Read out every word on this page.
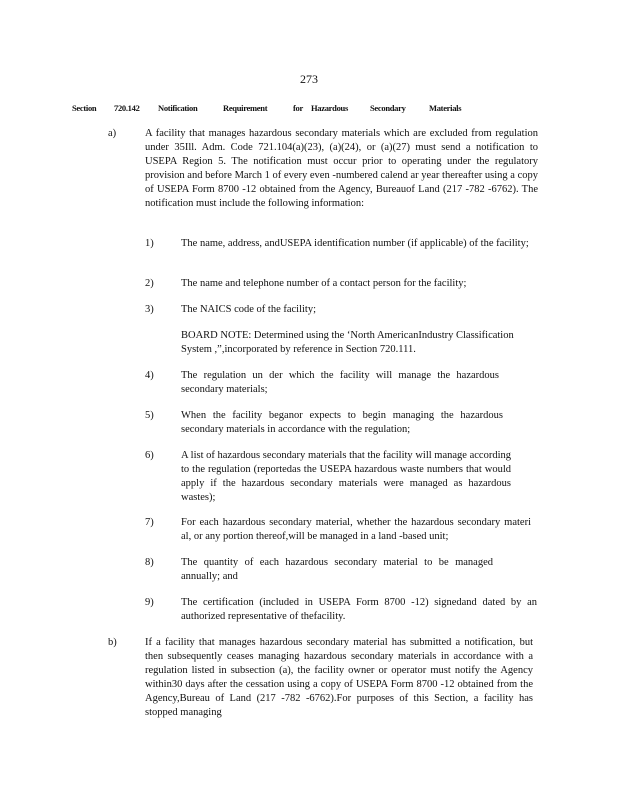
273
Section 720.142 Notification	Requirement	for Hazardous	Secondary	Materials
a)	A facility that manages hazardous secondary materials which are excluded from regulation under 35Ill. Adm. Code 721.104(a)(23), (a)(24), or (a)(27) must send a notification to USEPA Region 5. The notification must occur prior to operating under the regulatory provision and before March 1 of every even -numbered calend ar year thereafter using a copy of USEPA Form 8700 -12 obtained from the Agency, Bureauof Land (217 -782 -6762). The notification must include the following information:
1)	The name, address, andUSEPA identification number (if applicable) of the facility;
2)	The name and telephone number of a contact person for the facility;
3)	The NAICS code of the facility;
BOARD NOTE: Determined using the ‘North AmericanIndustry Classification System ,”,incorporated by reference in Section 720.111.
4)	The regulation un der which the facility will manage the hazardous secondary materials;
5)	When the facility beganor expects to begin managing the hazardous secondary materials in accordance with the regulation;
6)	A list of hazardous secondary materials that the facility will manage according to the regulation (reportedas the USEPA hazardous waste numbers that would apply if the hazardous secondary materials were managed as hazardous wastes);
7)	For each hazardous secondary material, whether the hazardous secondary materi al, or any portion thereof,will be managed in a land -based unit;
8)	The quantity of each hazardous secondary material to be managed annually; and
9)	The certification (included in USEPA Form 8700 -12) signedand dated by an authorized representative of thefacility.
b)	If a facility that manages hazardous secondary material has submitted a notification, but then subsequently ceases managing hazardous secondary materials in accordance with a regulation listed in subsection (a), the facility owner or operator must notify the Agency within30 days after the cessation using a copy of USEPA Form 8700 -12 obtained from the Agency,Bureau of Land (217 -782 -6762).For purposes of this Section, a facility has stopped managing
